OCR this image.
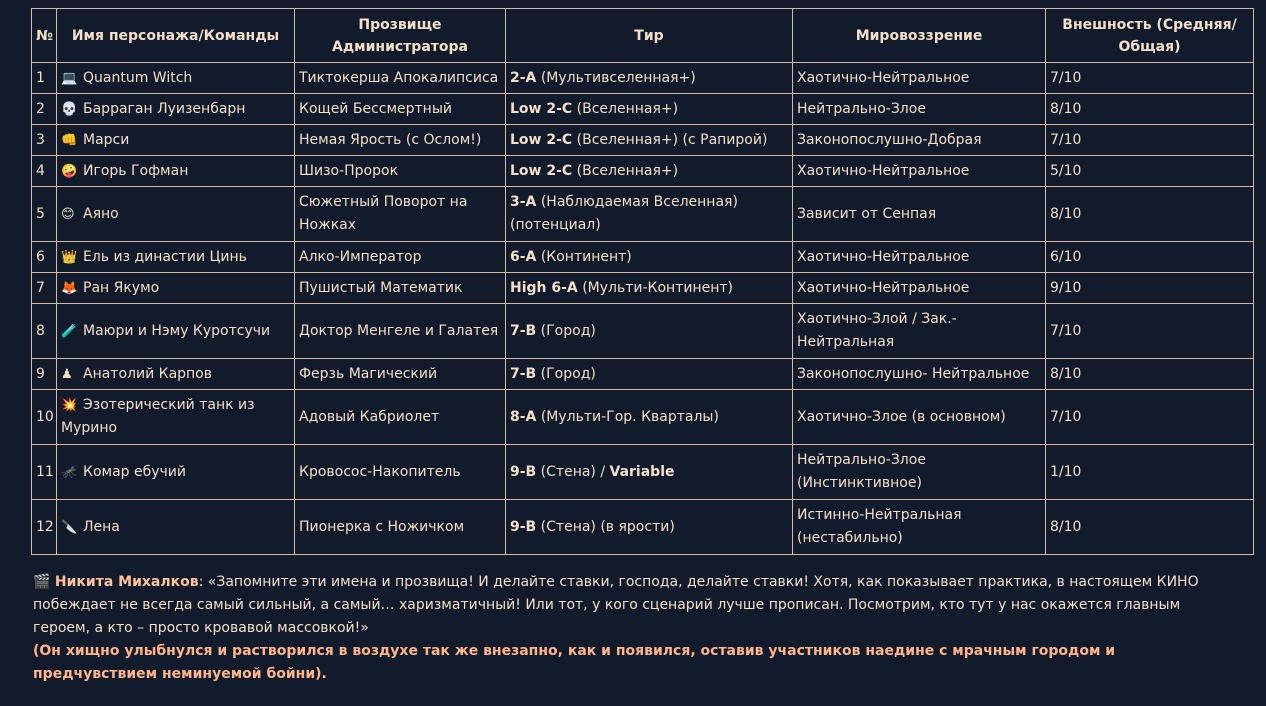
№	Имя персонажа/Команды	Прозвище Администратора	Тир	Мировоззрение	Внешность (Средняя/Общая)
1	💻 Quantum Witch	Тиктокерша Апокалипсиса	2-A (Мультивселенная+)	Хаотично-Нейтральное	7/10
2	💀 Барраган Луизенбарн	Кощей Бессмертный	Low 2-C (Вселенная+)	Нейтрально-Злое	8/10
3	👊 Марси	Немая Ярость (с Ослом!)	Low 2-C (Вселенная+) (с Рапирой)	Законопослушно-Добрая	7/10
4	🤪 Игорь Гофман	Шизо-Пророк	Low 2-C (Вселенная+)	Хаотично-Нейтральное	5/10
5	😊 Аяно	Сюжетный Поворот на Ножках	3-A (Наблюдаемая Вселенная) (потенциал)	Зависит от Сенпая	8/10
6	👑 Ель из династии Цинь	Алко-Император	6-A (Континент)	Хаотично-Нейтральное	6/10
7	🦊 Ран Якумо	Пушистый Математик	High 6-A (Мульти-Континент)	Хаотично-Нейтральное	9/10
8	🧪 Маюри и Нэму Куротсучи	Доктор Менгеле и Галатея	7-B (Город)	Хаотично-Злой / Зак.-Нейтральная	7/10
9	♟ Анатолий Карпов	Ферзь Магический	7-B (Город)	Законопослушно- Нейтральное	8/10
10	💥 Эзотерический танк из Мурино	Адовый Кабриолет	8-A (Мульти-Гор. Кварталы)	Хаотично-Злое (в основном)	7/10
11	🦟 Комар ебучий	Кровосос-Накопитель	9-B (Стена) / Variable	Нейтрально-Злое (Инстинктивное)	1/10
12	🔪 Лена	Пионерка с Ножичком	9-B (Стена) (в ярости)	Истинно-Нейтральная (нестабильно)	8/10
🎬 Никита Михалков: «Запомните эти имена и прозвища! И делайте ставки, господа, делайте ставки! Хотя, как показывает практика, в настоящем КИНО побеждает не всегда самый сильный, а самый… харизматичный! Или тот, у кого сценарий лучше прописан. Посмотрим, кто тут у нас окажется главным героем, а кто – просто кровавой массовкой!»
(Он хищно улыбнулся и растворился в воздухе так же внезапно, как и появился, оставив участников наедине с мрачным городом и предчувствием неминуемой бойни).
